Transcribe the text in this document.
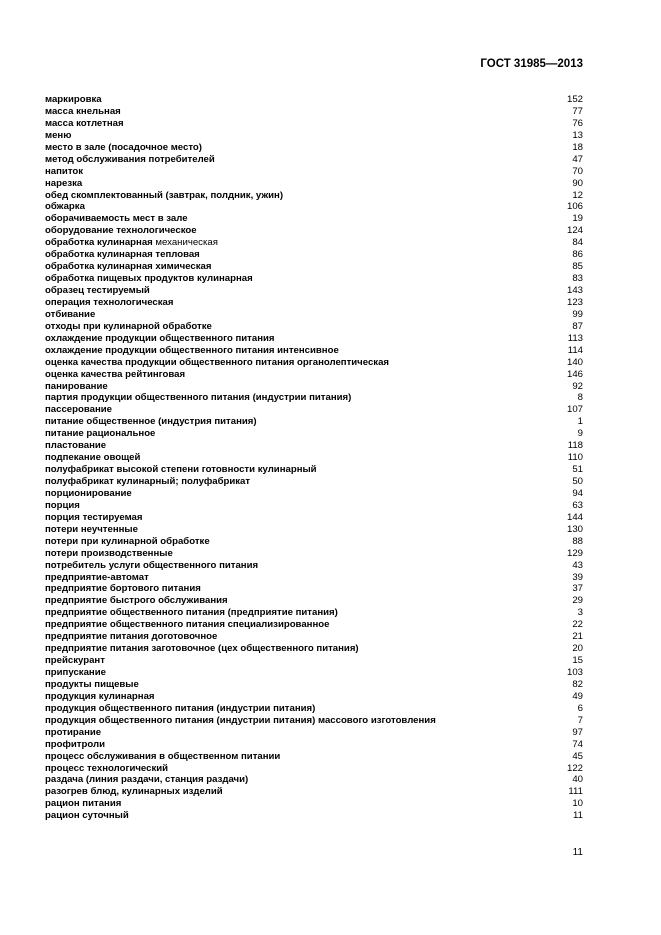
ГОСТ 31985—2013
маркировка	152
масса кнельная	77
масса котлетная	76
меню	13
место в зале (посадочное место)	18
метод обслуживания потребителей	47
напиток	70
нарезка	90
обед скомплектованный (завтрак, полдник, ужин)	12
обжарка	106
оборачиваемость мест в зале	19
оборудование технологическое	124
обработка кулинарная механическая	84
обработка кулинарная тепловая	86
обработка кулинарная химическая	85
обработка пищевых продуктов кулинарная	83
образец тестируемый	143
операция технологическая	123
отбивание	99
отходы при кулинарной обработке	87
охлаждение продукции общественного питания	113
охлаждение продукции общественного питания интенсивное	114
оценка качества продукции общественного питания органолептическая	140
оценка качества рейтинговая	146
панирование	92
партия продукции общественного питания (индустрии питания)	8
пассерование	107
питание общественное (индустрия питания)	1
питание рациональное	9
пластование	118
подпекание овощей	110
полуфабрикат высокой степени готовности кулинарный	51
полуфабрикат кулинарный; полуфабрикат	50
порционирование	94
порция	63
порция тестируемая	144
потери неучтенные	130
потери при кулинарной обработке	88
потери производственные	129
потребитель услуги общественного питания	43
предприятие-автомат	39
предприятие бортового питания	37
предприятие быстрого обслуживания	29
предприятие общественного питания (предприятие питания)	3
предприятие общественного питания специализированное	22
предприятие питания доготовочное	21
предприятие питания заготовочное (цех общественного питания)	20
прейскурант	15
припускание	103
продукты пищевые	82
продукция кулинарная	49
продукция общественного питания (индустрии питания)	6
продукция общественного питания (индустрии питания) массового изготовления	7
протирание	97
профитроли	74
процесс обслуживания в общественном питании	45
процесс технологический	122
раздача (линия раздачи, станция раздачи)	40
разогрев блюд, кулинарных изделий	111
рацион питания	10
рацион суточный	11
11
